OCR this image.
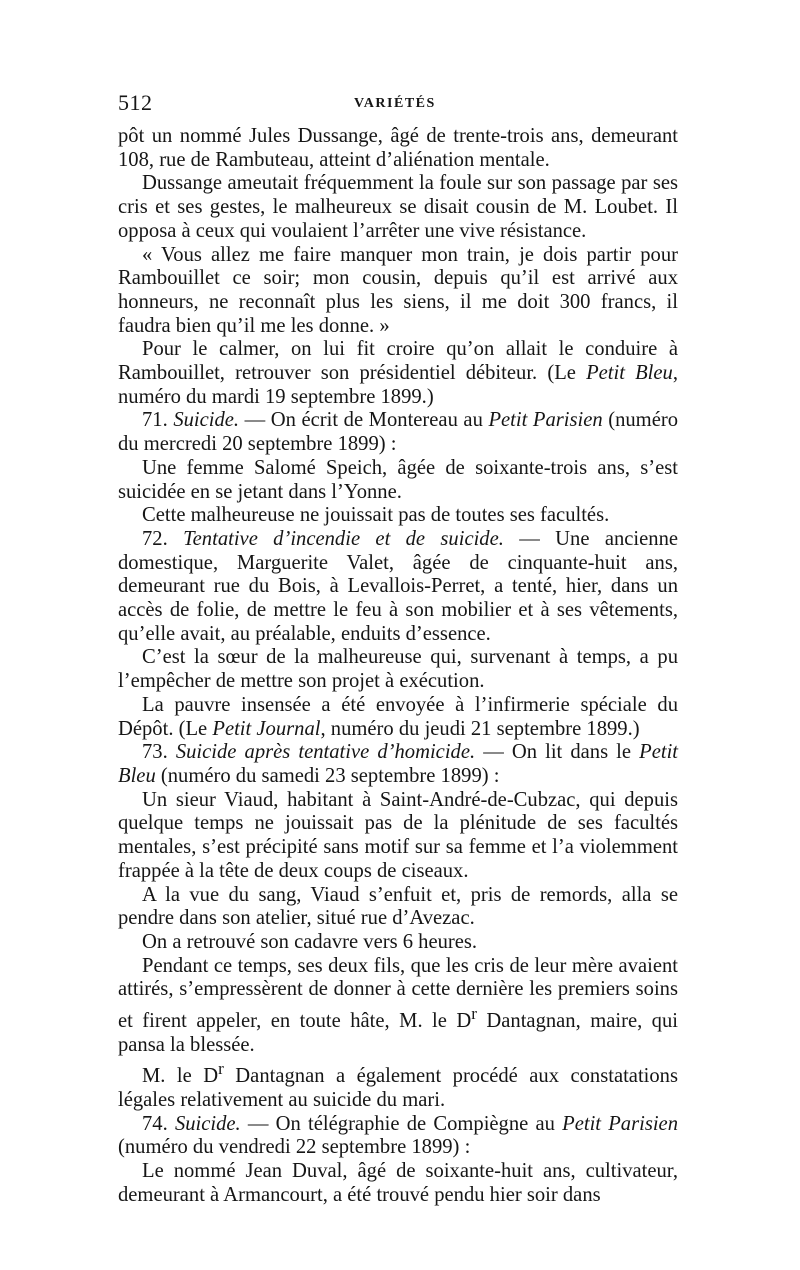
512	VARIÉTÉS

pôt un nommé Jules Dussange, âgé de trente-trois ans, demeurant 108, rue de Rambuteau, atteint d’aliénation mentale.

Dussange ameutait fréquemment la foule sur son passage par ses cris et ses gestes, le malheureux se disait cousin de M. Loubet. Il opposa à ceux qui voulaient l’arrêter une vive résistance.

« Vous allez me faire manquer mon train, je dois partir pour Rambouillet ce soir; mon cousin, depuis qu’il est arrivé aux honneurs, ne reconnaît plus les siens, il me doit 300 francs, il faudra bien qu’il me les donne. »

Pour le calmer, on lui fit croire qu’on allait le conduire à Rambouillet, retrouver son présidentiel débiteur. (Le Petit Bleu, numéro du mardi 19 septembre 1899.)

71. Suicide. — On écrit de Montereau au Petit Parisien (numéro du mercredi 20 septembre 1899) :

Une femme Salomé Speich, âgée de soixante-trois ans, s’est suicidée en se jetant dans l’Yonne.

Cette malheureuse ne jouissait pas de toutes ses facultés.

72. Tentative d’incendie et de suicide. — Une ancienne domestique, Marguerite Valet, âgée de cinquante-huit ans, demeurant rue du Bois, à Levallois-Perret, a tenté, hier, dans un accès de folie, de mettre le feu à son mobilier et à ses vêtements, qu’elle avait, au préalable, enduits d’essence.

C’est la sœur de la malheureuse qui, survenant à temps, a pu l’empêcher de mettre son projet à exécution.

La pauvre insensée a été envoyée à l’infirmerie spéciale du Dépôt. (Le Petit Journal, numéro du jeudi 21 septembre 1899.)

73. Suicide après tentative d’homicide. — On lit dans le Petit Bleu (numéro du samedi 23 septembre 1899) :

Un sieur Viaud, habitant à Saint-André-de-Cubzac, qui depuis quelque temps ne jouissait pas de la plénitude de ses facultés mentales, s’est précipité sans motif sur sa femme et l’a violemment frappée à la tête de deux coups de ciseaux.

A la vue du sang, Viaud s’enfuit et, pris de remords, alla se pendre dans son atelier, situé rue d’Avezac.

On a retrouvé son cadavre vers 6 heures.

Pendant ce temps, ses deux fils, que les cris de leur mère avaient attirés, s’empressèrent de donner à cette dernière les premiers soins et firent appeler, en toute hâte, M. le $D^r$ Dantagnan, maire, qui pansa la blessée.

M. le $D^r$ Dantagnan a également procédé aux constatations légales relativement au suicide du mari.

74. Suicide. — On télégraphie de Compiègne au Petit Parisien (numéro du vendredi 22 septembre 1899) :

Le nommé Jean Duval, âgé de soixante-huit ans, cultivateur, demeurant à Armancourt, a été trouvé pendu hier soir dans
